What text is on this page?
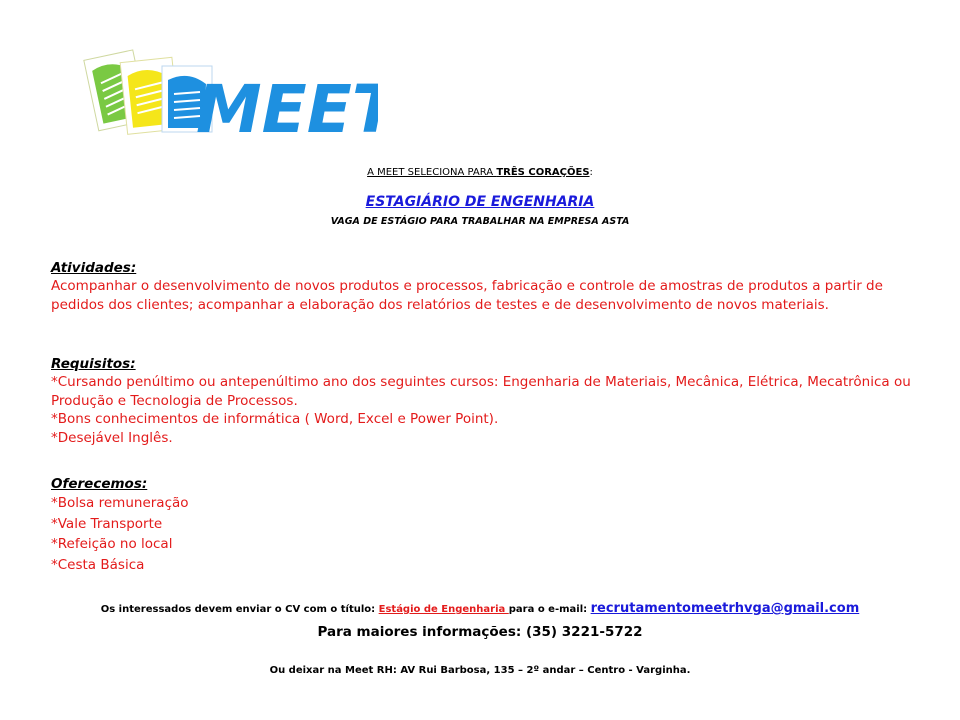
MEET
A MEET SELECIONA PARA TRÊS CORAÇÕES:
ESTAGIÁRIO DE ENGENHARIA
VAGA DE ESTÁGIO PARA TRABALHAR NA EMPRESA ASTA
Atividades:

Acompanhar o desenvolvimento de novos produtos e processos, fabricação e controle de amostras de produtos a partir de pedidos dos clientes; acompanhar a elaboração dos relatórios de testes e de desenvolvimento de novos materiais.

Requisitos:

*Cursando penúltimo ou antepenúltimo ano dos seguintes cursos: Engenharia de Materiais, Mecânica, Elétrica, Mecatrônica ou Produção e Tecnologia de Processos.

*Bons conhecimentos de informática ( Word, Excel e Power Point).

*Desejável Inglês.

Oferecemos:

*Bolsa remuneração

*Vale Transporte

*Refeição no local

*Cesta Básica

Os interessados devem enviar o CV com o título: Estágio de Engenharia para o e-mail: recrutamentomeetrhvga@gmail.com
Para maiores informações: (35) 3221-5722
Ou deixar na Meet RH: AV Rui Barbosa, 135 – 2º andar – Centro - Varginha.
